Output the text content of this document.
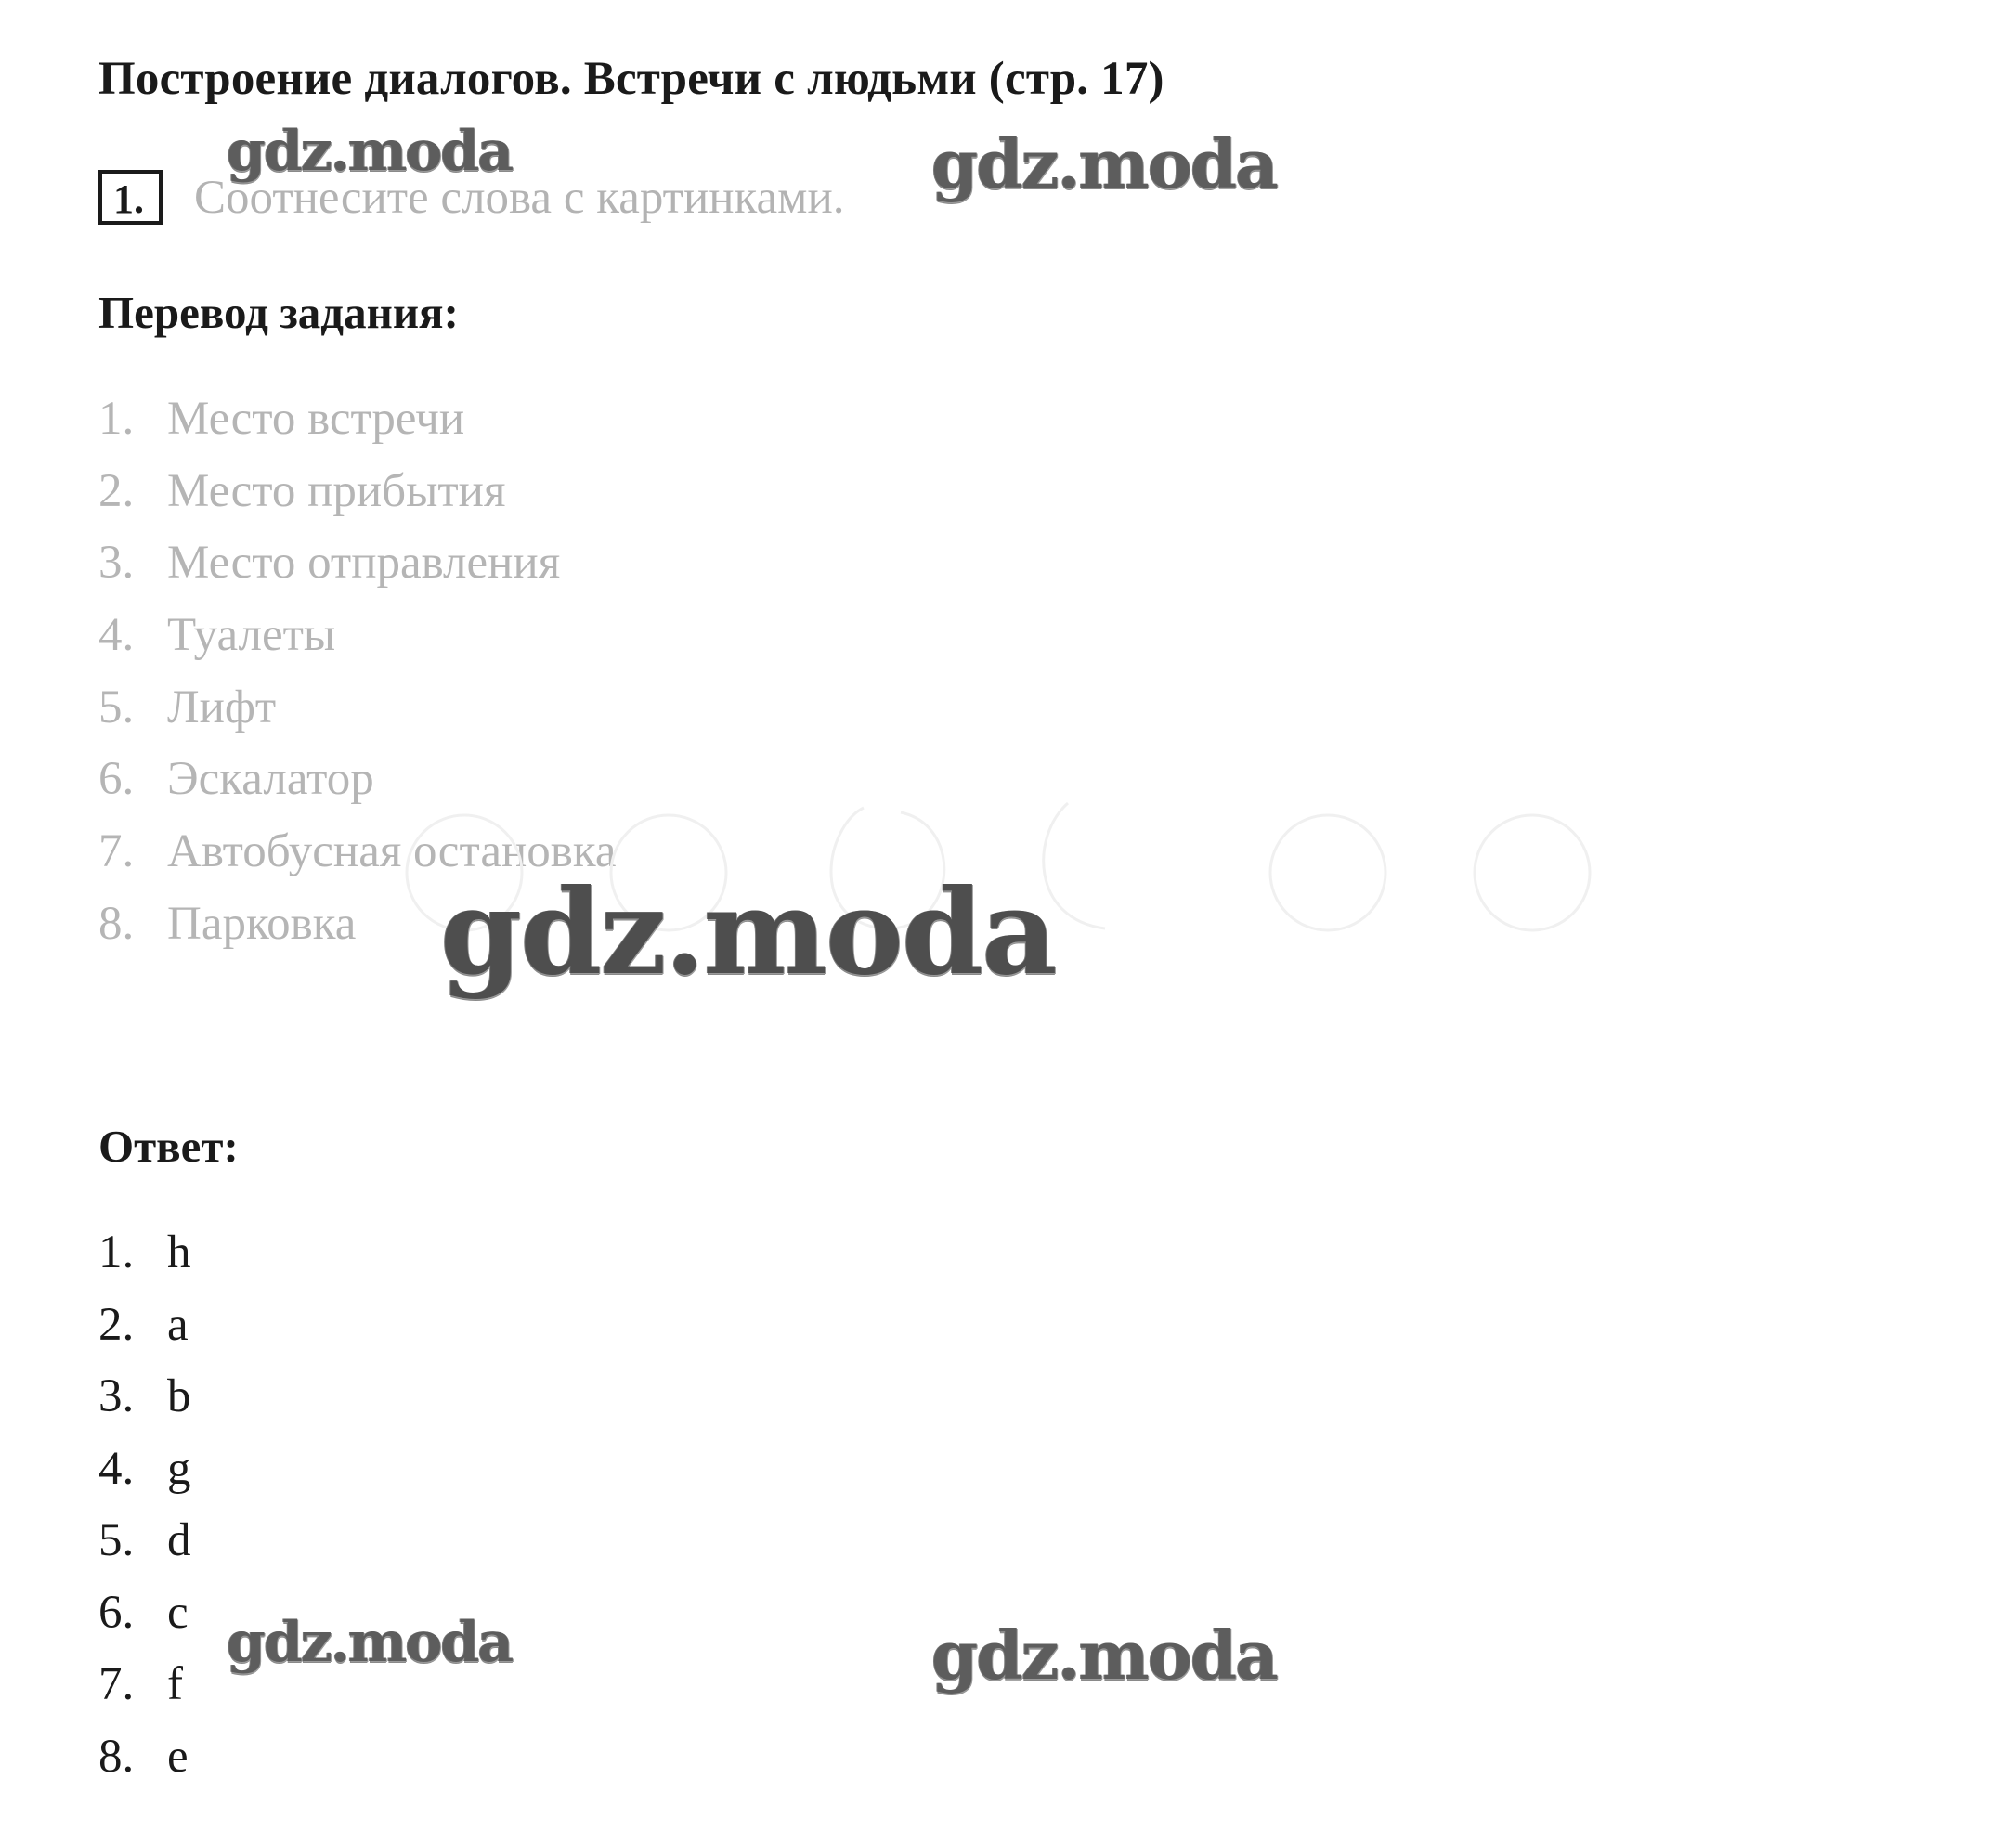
Построение диалогов. Встречи с людьми (стр. 17)
1.	Соотнесите слова с картинками.
Перевод задания:
1. Место встречи
2. Место прибытия
3. Место отправления
4. Туалеты
5. Лифт
6. Эскалатор
7. Автобусная остановка
8. Парковка
Ответ:
1. h
2. a
3. b
4. g
5. d
6. c
7. f
8. e
gdz.moda	gdz.moda
gdz.moda
gdz.moda	gdz.moda
